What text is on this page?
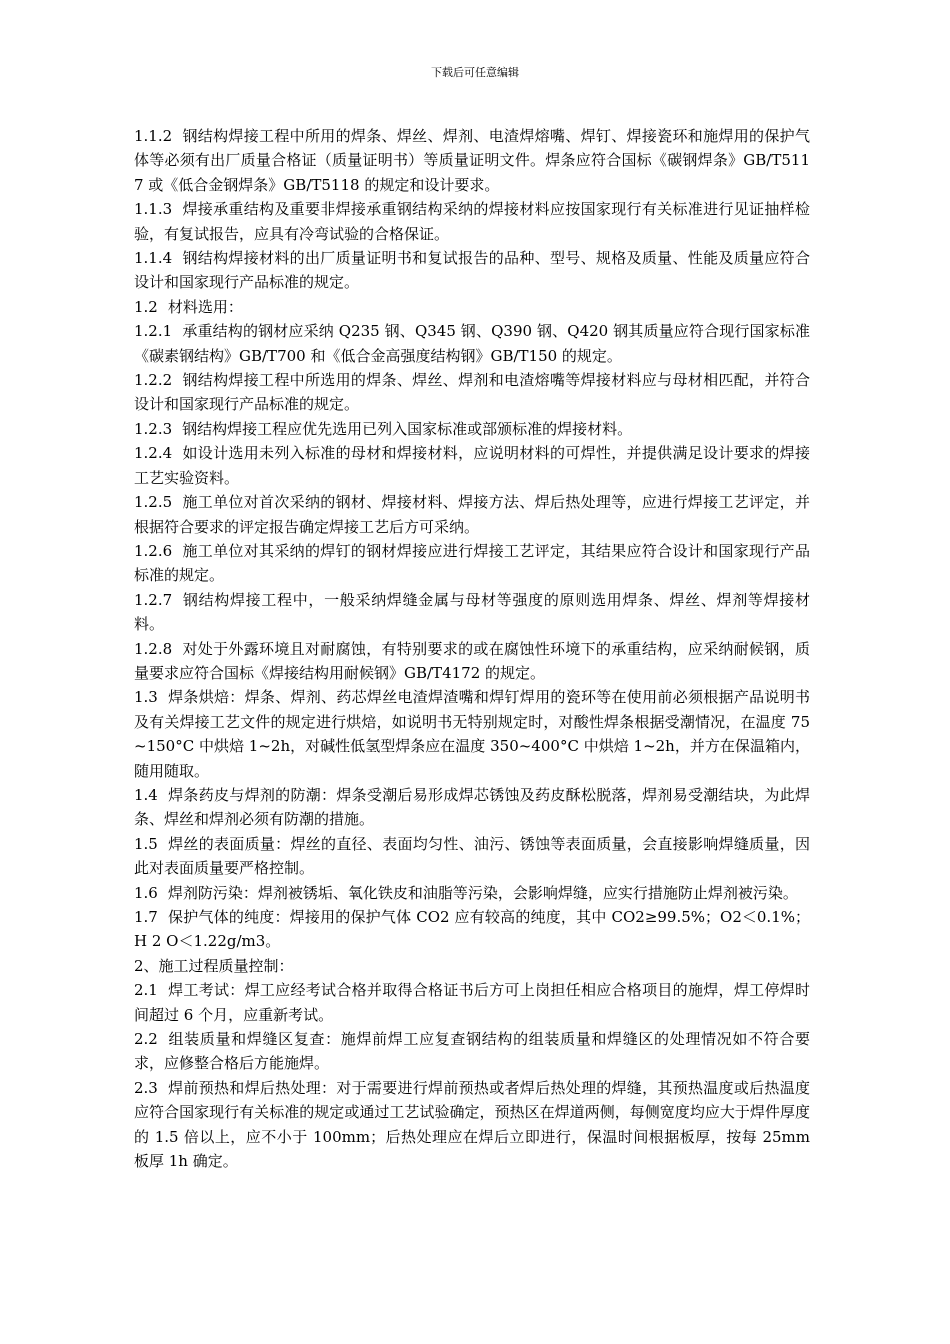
下载后可任意编辑

1.1.2 钢结构焊接工程中所用的焊条、焊丝、焊剂、电渣焊熔嘴、焊钉、焊接瓷环和施焊用的保护气体等必须有出厂质量合格证（质量证明书）等质量证明文件。焊条应符合国标《碳钢焊条》GB/T5117 或《低合金钢焊条》GB/T5118 的规定和设计要求。

1.1.3 焊接承重结构及重要非焊接承重钢结构采纳的焊接材料应按国家现行有关标准进行见证抽样检验，有复试报告，应具有冷弯试验的合格保证。

1.1.4 钢结构焊接材料的出厂质量证明书和复试报告的品种、型号、规格及质量、性能及质量应符合设计和国家现行产品标准的规定。

1.2 材料选用：

1.2.1 承重结构的钢材应采纳 Q235 钢、Q345 钢、Q390 钢、Q420 钢其质量应符合现行国家标准《碳素钢结构》GB/T700 和《低合金高强度结构钢》GB/T150 的规定。

1.2.2 钢结构焊接工程中所选用的焊条、焊丝、焊剂和电渣熔嘴等焊接材料应与母材相匹配，并符合设计和国家现行产品标准的规定。

1.2.3 钢结构焊接工程应优先选用已列入国家标准或部颁标准的焊接材料。

1.2.4 如设计选用未列入标准的母材和焊接材料，应说明材料的可焊性，并提供满足设计要求的焊接工艺实验资料。

1.2.5 施工单位对首次采纳的钢材、焊接材料、焊接方法、焊后热处理等，应进行焊接工艺评定，并根据符合要求的评定报告确定焊接工艺后方可采纳。

1.2.6 施工单位对其采纳的焊钉的钢材焊接应进行焊接工艺评定，其结果应符合设计和国家现行产品标准的规定。

1.2.7 钢结构焊接工程中，一般采纳焊缝金属与母材等强度的原则选用焊条、焊丝、焊剂等焊接材料。

1.2.8 对处于外露环境且对耐腐蚀，有特别要求的或在腐蚀性环境下的承重结构，应采纳耐候钢，质量要求应符合国标《焊接结构用耐候钢》GB/T4172 的规定。

1.3 焊条烘焙：焊条、焊剂、药芯焊丝电渣焊渣嘴和焊钉焊用的瓷环等在使用前必须根据产品说明书及有关焊接工艺文件的规定进行烘焙，如说明书无特别规定时，对酸性焊条根据受潮情况，在温度 75~150°C 中烘焙 1~2h，对碱性低氢型焊条应在温度 350~400°C 中烘焙 1~2h，并方在保温箱内，随用随取。

1.4 焊条药皮与焊剂的防潮：焊条受潮后易形成焊芯锈蚀及药皮酥松脱落，焊剂易受潮结块，为此焊条、焊丝和焊剂必须有防潮的措施。

1.5 焊丝的表面质量：焊丝的直径、表面均匀性、油污、锈蚀等表面质量，会直接影响焊缝质量，因此对表面质量要严格控制。

1.6 焊剂防污染：焊剂被锈垢、氧化铁皮和油脂等污染，会影响焊缝，应实行措施防止焊剂被污染。

1.7 保护气体的纯度：焊接用的保护气体 CO2 应有较高的纯度，其中 CO2≥99.5%；O2＜0.1%；H 2 O＜1.22g/m3。

2、施工过程质量控制：

2.1 焊工考试：焊工应经考试合格并取得合格证书后方可上岗担任相应合格项目的施焊，焊工停焊时间超过 6 个月，应重新考试。

2.2 组装质量和焊缝区复查：施焊前焊工应复查钢结构的组装质量和焊缝区的处理情况如不符合要求，应修整合格后方能施焊。

2.3 焊前预热和焊后热处理：对于需要进行焊前预热或者焊后热处理的焊缝，其预热温度或后热温度应符合国家现行有关标准的规定或通过工艺试验确定，预热区在焊道两侧，每侧宽度均应大于焊件厚度的 1.5 倍以上，应不小于 100mm；后热处理应在焊后立即进行，保温时间根据板厚，按每 25mm 板厚 1h 确定。
